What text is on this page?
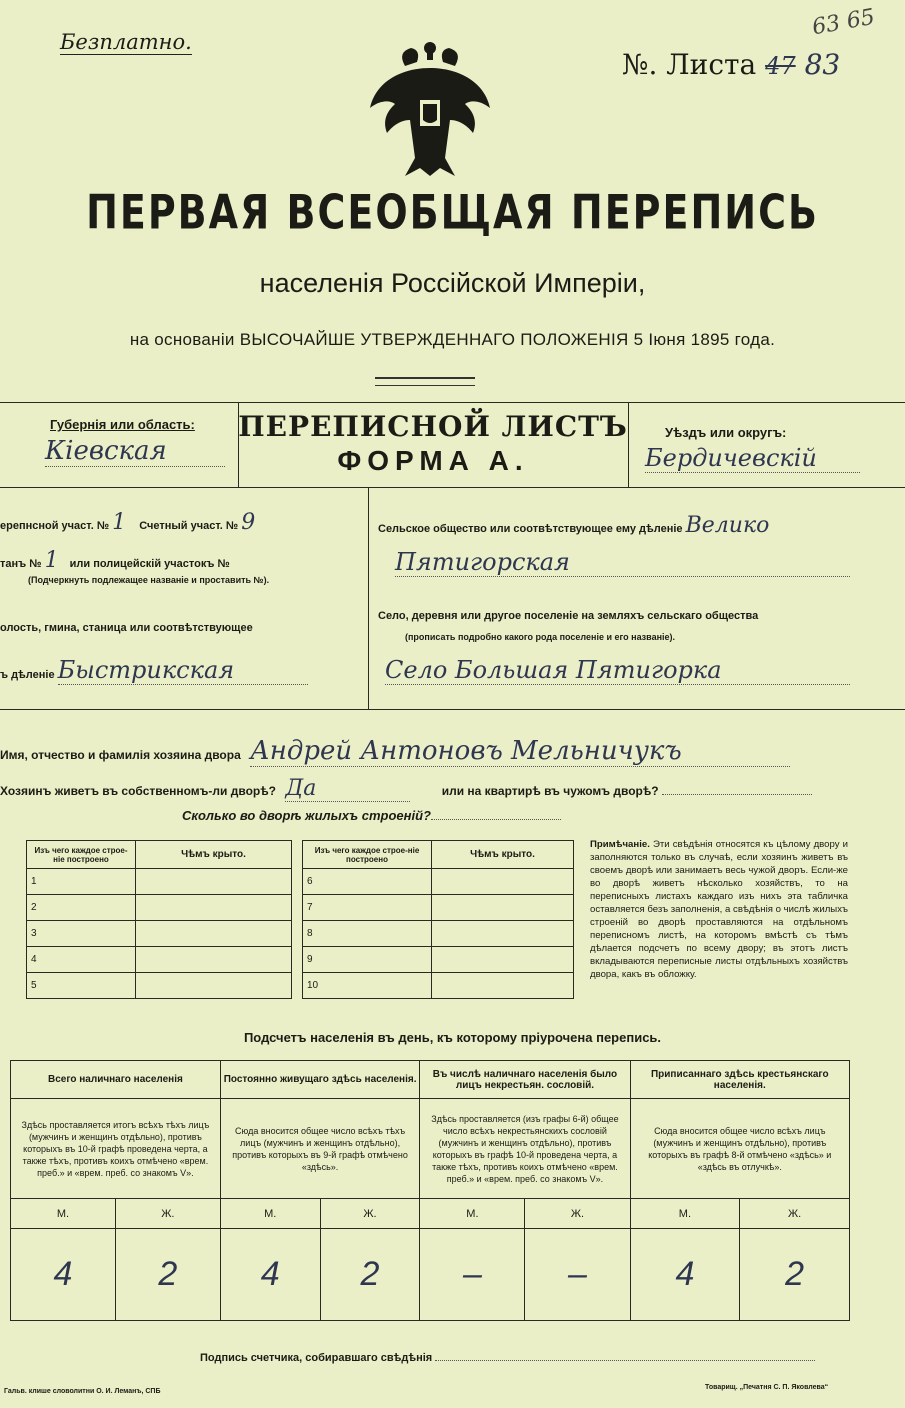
Безплатно.
№. Листа 47 83
63 65
ПЕРВАЯ ВСЕОБЩАЯ ПЕРЕПИСЬ
населенія Россійской Имперіи,
на основаніи ВЫСОЧАЙШЕ УТВЕРЖДЕННАГО ПОЛОЖЕНІЯ 5 Іюня 1895 года.
Губернія или область:
Кіевская
ПЕРЕПИСНОЙ ЛИСТЪ
ФОРМА А.
Уѣздъ или округъ:
Бердичевскій
ерепнсной участ. № 1 Счетный участ. № 9
танъ № 1 или полицейскій участокъ №
(Подчеркнуть подлежащее названіе и проставить №).
олость, гмина, станица или соотвѣтствующее
ъ дѣленіе Быстрикская
Сельское общество или соотвѣтствующее ему дѣленіе Велико
Пятигорская
Село, деревня или другое поселеніе на земляхъ сельскаго общества
(прописать подробно какого рода поселеніе и его названіе).
Село Большая Пятигорка
Имя, отчество и фамилія хозяина двора Андрей Антоновъ Мельничукъ
Хозяинъ живетъ въ собственномъ-ли дворѣ? Да	или на квартирѣ въ чужомъ дворѣ?
Сколько во дворѣ жилыхъ строеній?
Изъ чего каждое строе-ніе построено	Чѣмъ крыто.
1	
2	
3	
4	
5	
Изъ чего каждое строе-ніе построено	Чѣмъ крыто.
6	
7	
8	
9	
10	
Примѣчаніе. Эти свѣдѣнія относятся къ цѣлому двору и заполняются только въ случаѣ, если хозяинъ живетъ въ своемъ дворѣ или занимаетъ весь чужой дворъ. Если-же во дворѣ живетъ нѣсколько хозяйствъ, то на переписныхъ листахъ каждаго изъ нихъ эта табличка оставляется безъ заполненія, а свѣдѣнія о числѣ жилыхъ строеній во дворѣ проставляются на отдѣльномъ переписномъ листѣ, на которомъ вмѣстѣ съ тѣмъ дѣлается подсчетъ по всему двору; въ этотъ листъ вкладываются переписные листы отдѣльныхъ хозяйствъ двора, какъ въ обложку.
Подсчетъ населенія въ день, къ которому пріурочена перепись.
Всего наличнаго населенія		Постоянно живущаго здѣсь населенія.		Въ числѣ наличнаго населенія было лицъ некрестьян. сословій.		Приписаннаго здѣсь крестьянскаго населенія.	
Здѣсь проставляется итогъ всѣхъ тѣхъ лицъ (мужчинъ и женщинъ отдѣльно), противъ которыхъ въ 10-й графѣ проведена черта, а также тѣхъ, противъ коихъ отмѣчено «врем. преб.» и «врем. преб. со знакомъ V».		Сюда вносится общее число всѣхъ тѣхъ лицъ (мужчинъ и женщинъ отдѣльно), противъ которыхъ въ 9-й графѣ отмѣчено «здѣсь».		Здѣсь проставляется (изъ графы 6-й) общее число всѣхъ некрестьянскихъ сословій (мужчинъ и женщинъ отдѣльно), противъ которыхъ въ графѣ 10-й проведена черта, а также тѣхъ, противъ коихъ отмѣчено «врем. преб.» и «врем. преб. со знакомъ V».		Сюда вносится общее число всѣхъ лицъ (мужчинъ и женщинъ отдѣльно), противъ которыхъ въ графѣ 8-й отмѣчено «здѣсь» и «здѣсь въ отлучкѣ».	
М.	Ж.	М.	Ж.	М.	Ж.	М.	Ж.
4	2	4	2	–	–	4	2
Подпись счетчика, собиравшаго свѣдѣнія
Гальв. клише словолитни О. И. Леманъ, СПБ
Товарищ. „Печатня С. П. Яковлева“
